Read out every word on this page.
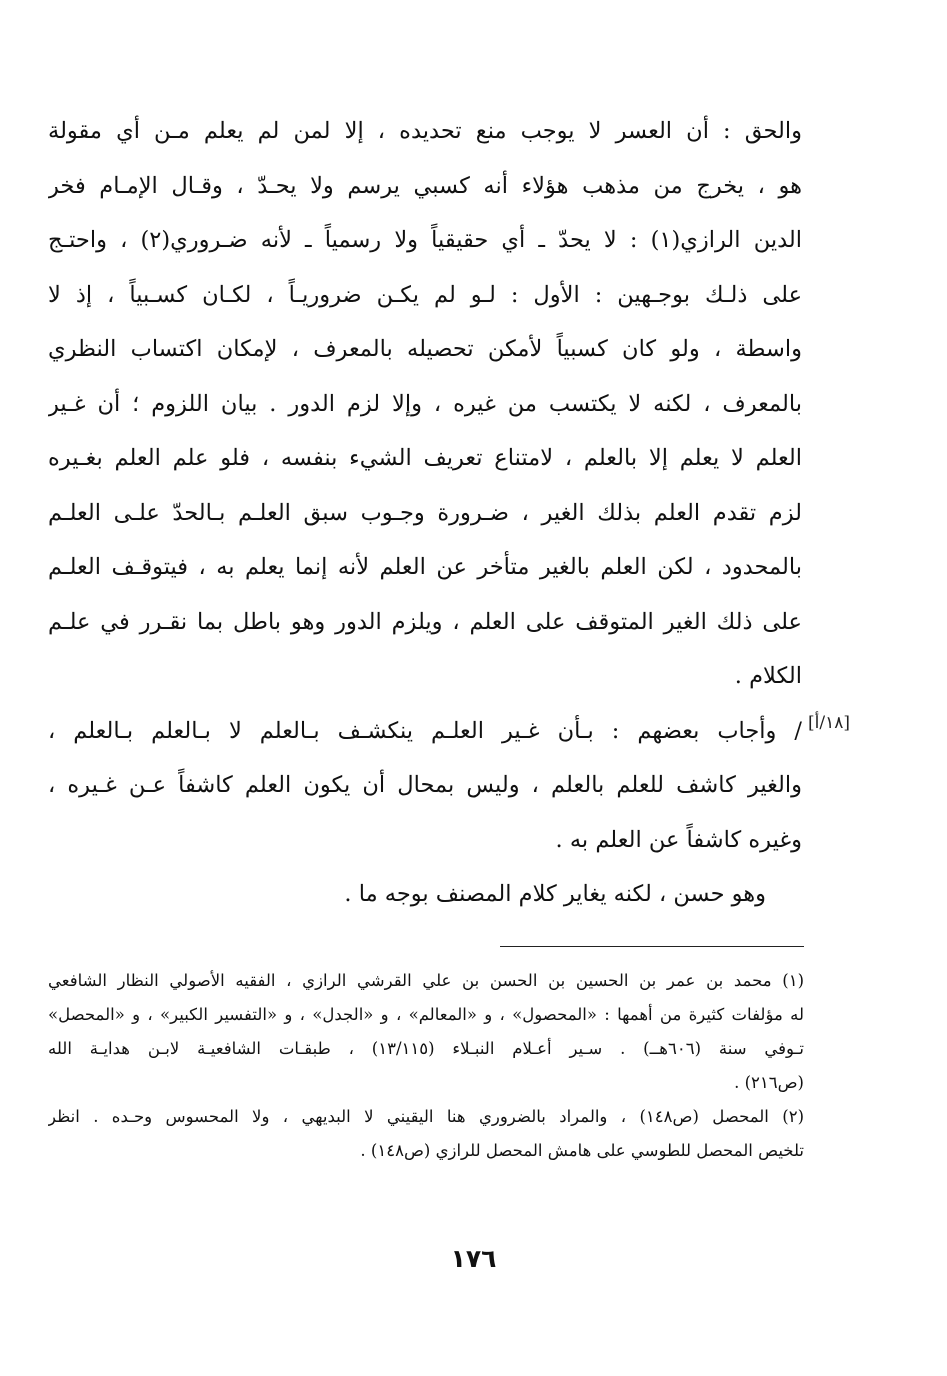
والحق : أن العسر لا يوجب منع تحديده ، إلا لمن لم يعلم مـن أي مقولة
هو ، يخرج من مذهب هؤلاء أنه كسبي يرسم ولا يحـدّ ، وقـال الإمـام فخر
الدين الرازي(١) : لا يحدّ ـ أي حقيقياً ولا رسمياً ـ لأنه ضـروري(٢) ، واحتـج
على ذلـك بوجـهين : الأول : لـو لم يكـن ضروريـاً ، لكـان كسـبياً ، إذ لا
واسطة ، ولو كان كسبياً لأمكن تحصيله بالمعرف ، لإمكان اكتساب النظري
بالمعرف ، لكنه لا يكتسب من غيره ، وإلا لزم الدور . بيان اللزوم ؛ أن غـير
العلم لا يعلم إلا بالعلم ، لامتناع تعريف الشيء بنفسه ، فلو علم العلم بغـيره
لزم تقدم العلم بذلك الغير ، ضـرورة وجـوب سبق العلـم بـالحدّ علـى العلـم
بالمحدود ، لكن العلم بالغير متأخر عن العلم لأنه إنما يعلم به ، فيتوقـف العلـم
على ذلك الغير المتوقف على العلم ، ويلزم الدور وهو باطل بما نقـرر في علـم
الكلام .
/ وأجاب بعضهم : بـأن غـير العلـم ينكشـف بـالعلم لا بـالعلم بـالعلم ،
والغير كاشف للعلم بالعلم ، وليس بمحال أن يكون العلم كاشفاً عـن غـيره ،
وغيره كاشفاً عن العلم به .
وهو حسن ، لكنه يغاير كلام المصنف بوجه ما .
[١٨/أ]
(١) محمد بن عمر بن الحسين بن الحسن بن علي القرشي الرازي ، الفقيه الأصولي النظار الشافعي
له مؤلفات كثيرة من أهمها : «المحصول» ، و «المعالم» ، و «الجدل» ، و «التفسير الكبير» ، و «المحصل»
تـوفي سنة (٦٠٦هــ) . سـير أعـلام النبـلاء (١٣/١١٥) ، طبقـات الشافعيـة لابـن هدايـة الله
(ص٢١٦) .
(٢) المحصل (ص١٤٨) ، والمراد بالضروري هنا اليقيني لا البديهي ، ولا المحسوس وحـده . انظر
تلخيص المحصل للطوسي على هامش المحصل للرازي (ص١٤٨) .
١٧٦
